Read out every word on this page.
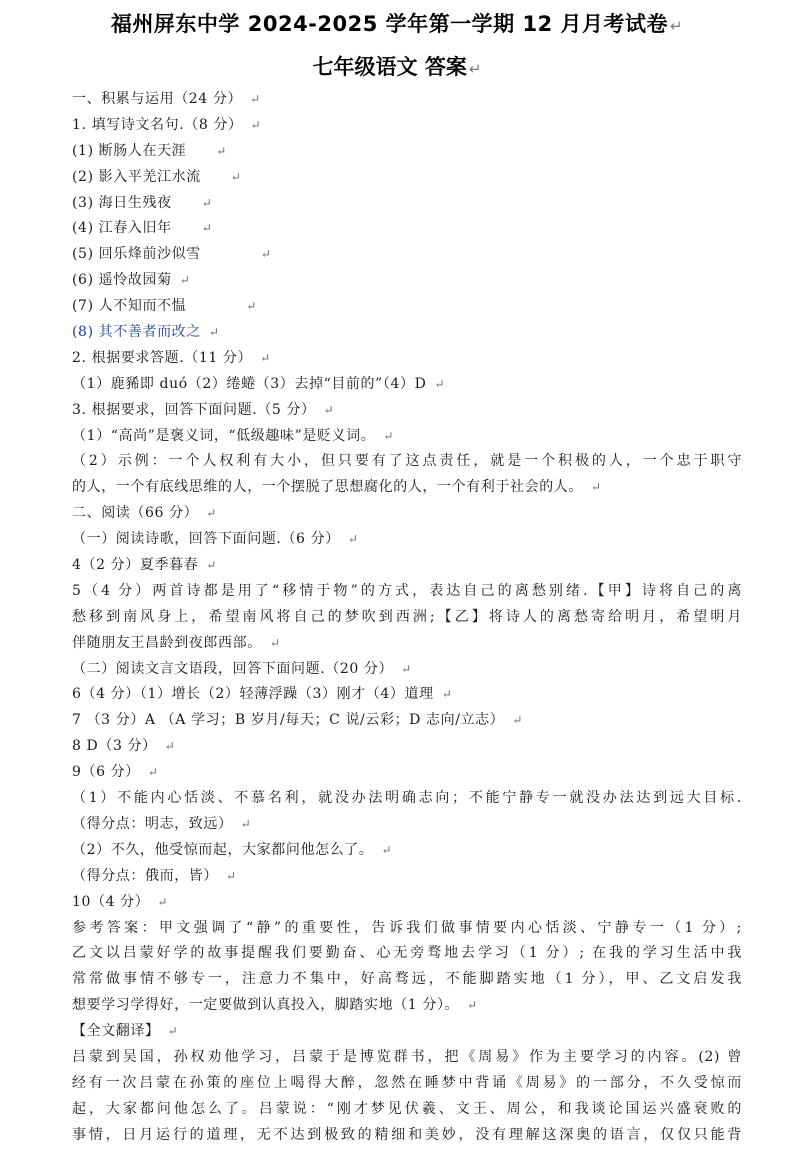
福州屏东中学 2024-2025 学年第一学期 12 月月考试卷 ↵
七年级语文 答案 ↵
一、积累与运用（24 分） ↵
1. 填写诗文名句.（8 分） ↵
(1) 断肠人在天涯	↵
(2) 影入平羌江水流	↵
(3) 海日生残夜	↵
(4) 江春入旧年	↵
(5) 回乐烽前沙似雪	↵
(6) 遥怜故园菊 ↵
(7) 人不知而不愠	↵
(8) 其不善者而改之 ↵
2. 根据要求答题.（11 分） ↵
（1）鹿豨即 duó（2）绻蜷（3）去掉“目前的”（4）D ↵
3. 根据要求，回答下面问题.（5 分） ↵
（1）“高尚”是褒义词，“低级趣味”是贬义词。 ↵
（2）示例：一个人权利有大小，但只要有了这点责任，就是一个积极的人，一个忠于职守
的人，一个有底线思维的人，一个摆脱了思想腐化的人，一个有利于社会的人。 ↵
二、阅读（66 分） ↵
（一）阅读诗歌，回答下面问题.（6 分） ↵
4（2 分）夏季暮春 ↵
5（4 分）两首诗都是用了“移情于物”的方式，表达自己的离愁别绪.【甲】诗将自己的离
愁移到南风身上，希望南风将自己的梦吹到西洲;【乙】将诗人的离愁寄给明月，希望明月
伴随朋友王昌龄到夜郎西部。 ↵
（二）阅读文言文语段，回答下面问题.（20 分） ↵
6（4 分）（1）增长（2）轻薄浮躁（3）刚才（4）道理 ↵
7 （3 分）A （A 学习；B 岁月/每天；C 说/云彩；D 志向/立志） ↵
8 D（3 分） ↵
9（6 分） ↵
（1）不能内心恬淡、不慕名利，就没办法明确志向；不能宁静专一就没办法达到远大目标.
（得分点：明志，致远） ↵
（2）不久，他受惊而起，大家都问他怎么了。 ↵
（得分点：俄而，皆） ↵
10（4 分） ↵
参考答案：甲文强调了“静”的重要性，告诉我们做事情要内心恬淡、宁静专一（1 分）;
乙文以吕蒙好学的故事提醒我们要勤奋、心无旁骛地去学习（1 分）; 在我的学习生活中我
常常做事情不够专一，注意力不集中，好高骛远，不能脚踏实地（1 分），甲、乙文启发我
想要学习学得好，一定要做到认真投入，脚踏实地（1 分）。 ↵
【全文翻译】 ↵
吕蒙到吴国，孙权劝他学习，吕蒙于是博览群书，把《周易》作为主要学习的内容。(2) 曾
经有一次吕蒙在孙策的座位上喝得大醉，忽然在睡梦中背诵《周易》的一部分，不久受惊而
起，大家都问他怎么了。吕蒙说：“刚才梦见伏羲、文王、周公，和我谈论国运兴盛衰败的
事情，日月运行的道理，无不达到极致的精细和美妙，没有理解这深奥的语言，仅仅只能背
